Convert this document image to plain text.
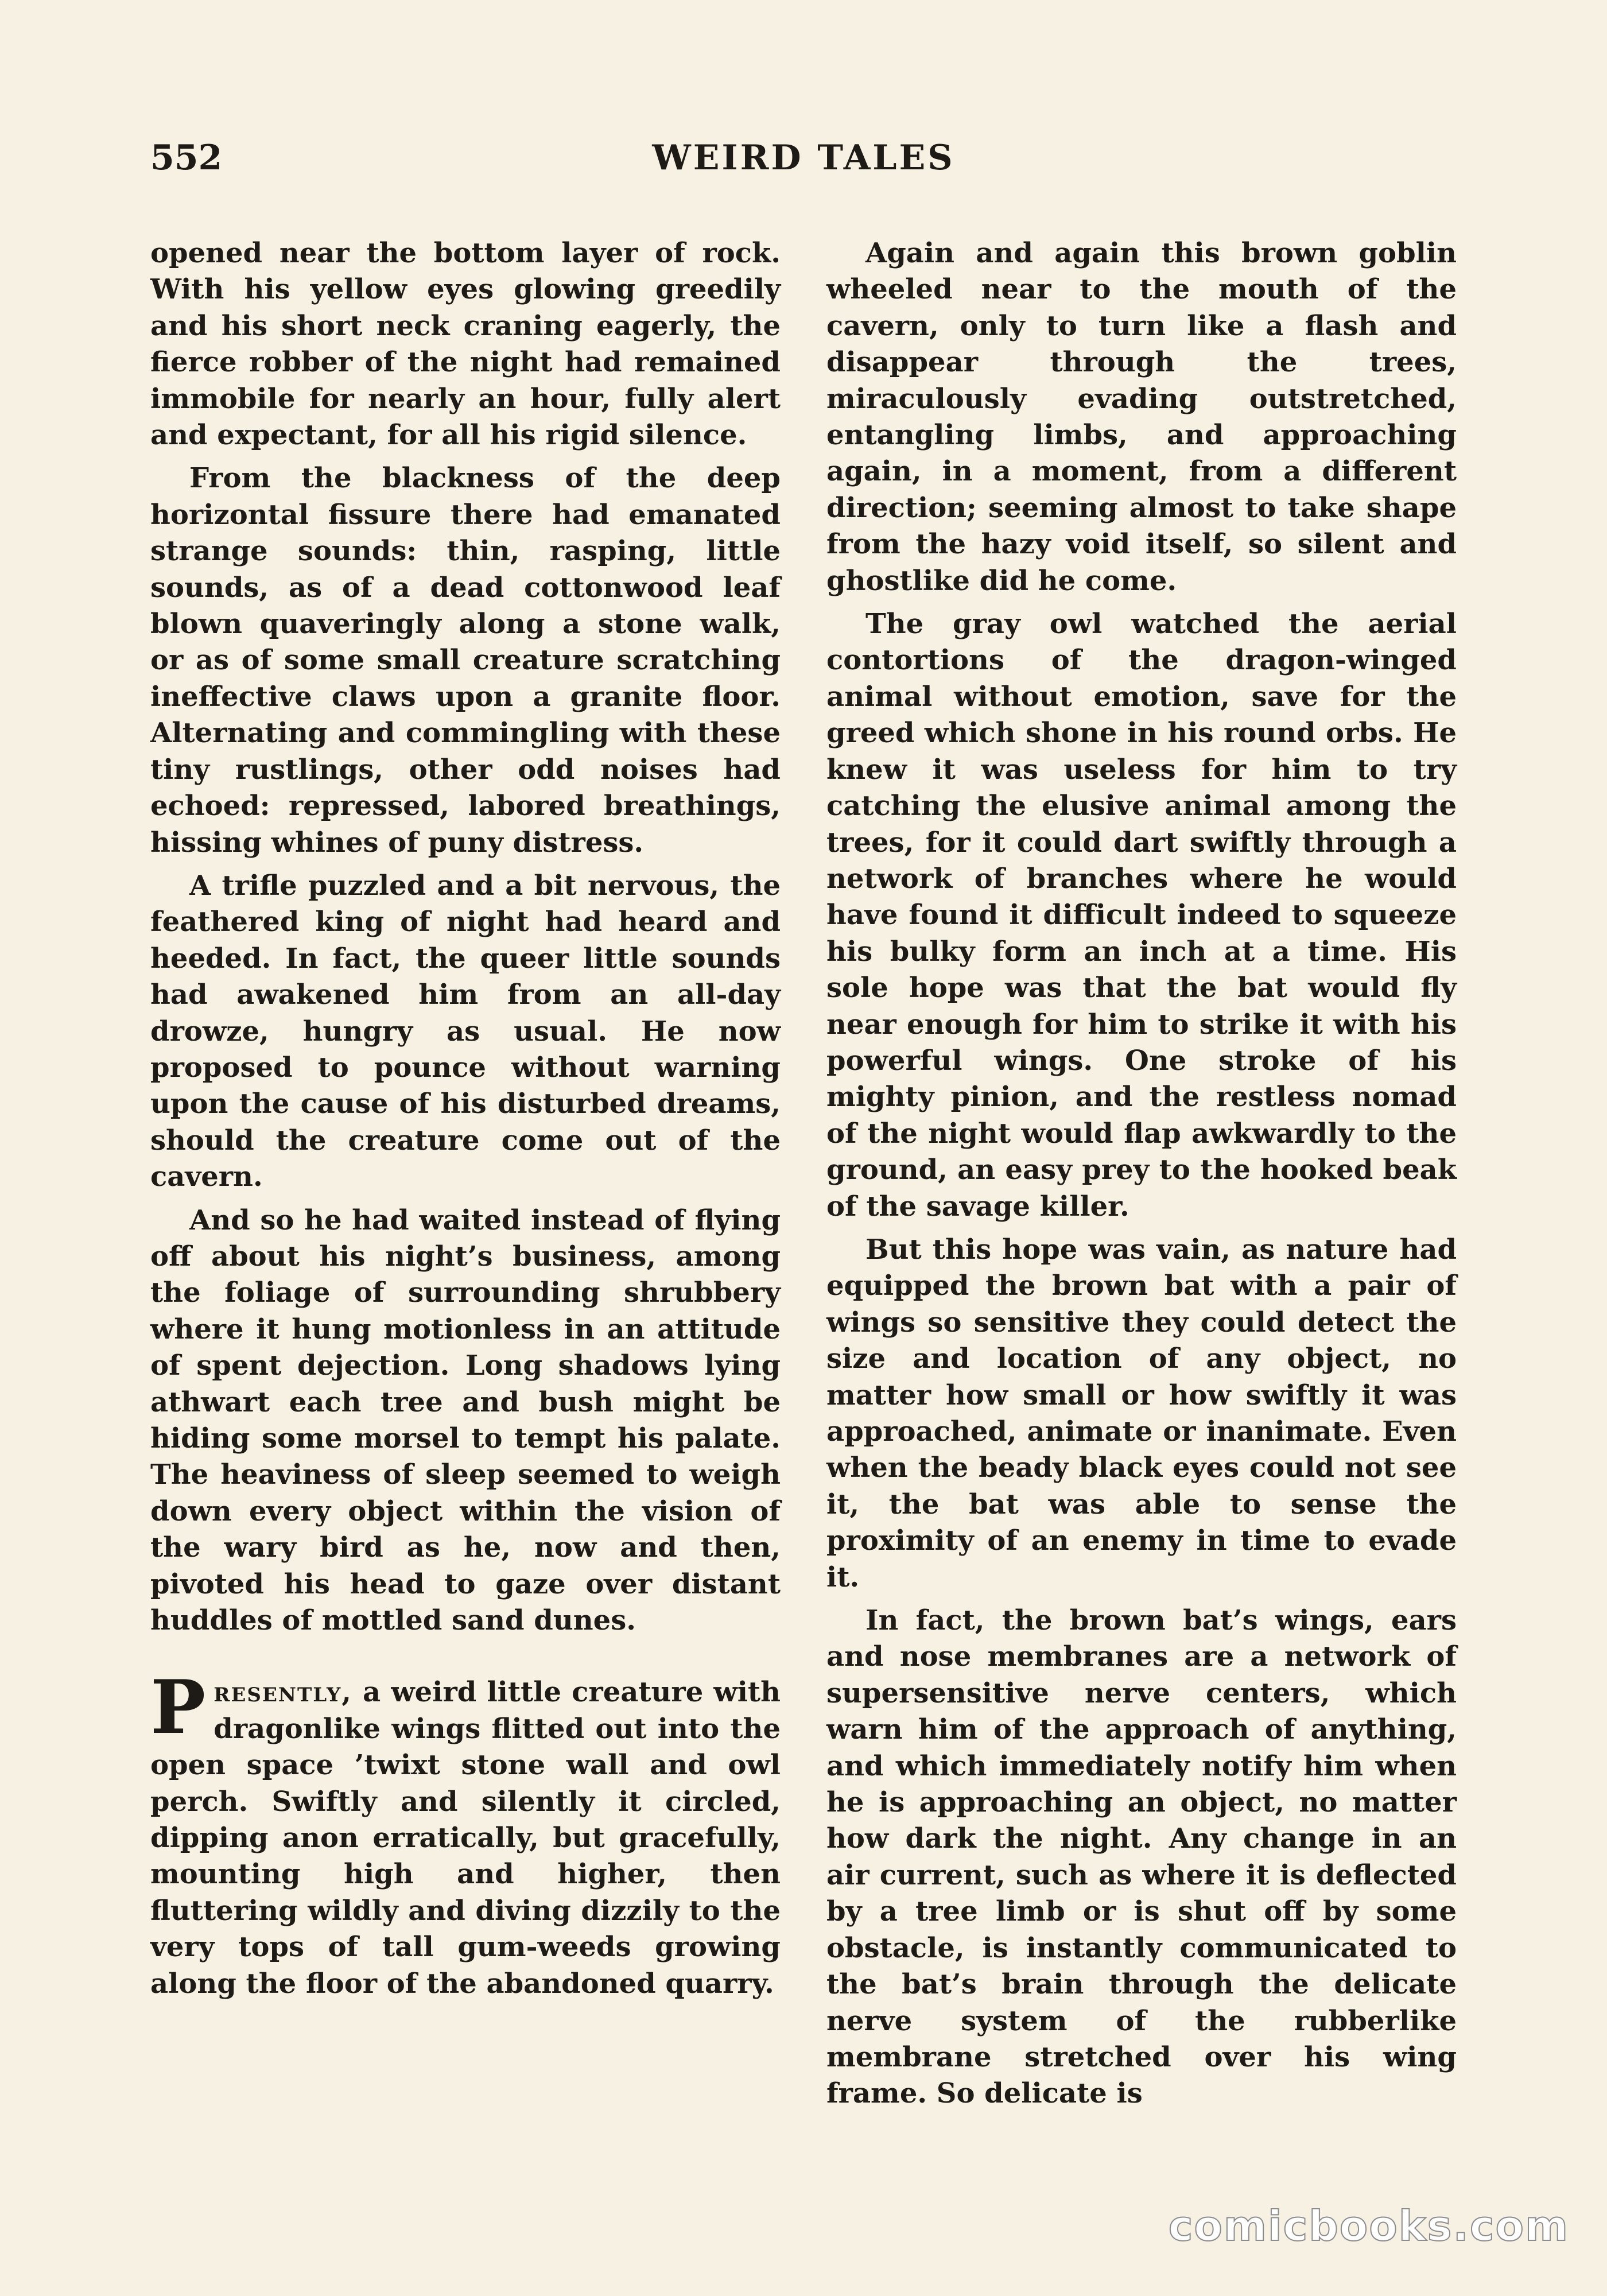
552	WEIRD TALES

opened near the bottom layer of rock. With his yellow eyes glowing greedily and his short neck craning eagerly, the fierce robber of the night had remained immobile for nearly an hour, fully alert and expectant, for all his rigid silence.

From the blackness of the deep horizontal fissure there had emanated strange sounds: thin, rasping, little sounds, as of a dead cottonwood leaf blown quaveringly along a stone walk, or as of some small creature scratching ineffective claws upon a granite floor. Alternating and commingling with these tiny rustlings, other odd noises had echoed: repressed, labored breathings, hissing whines of puny distress.

A trifle puzzled and a bit nervous, the feathered king of night had heard and heeded. In fact, the queer little sounds had awakened him from an all-day drowze, hungry as usual. He now proposed to pounce without warning upon the cause of his disturbed dreams, should the creature come out of the cavern.

And so he had waited instead of flying off about his night’s business, among the foliage of surrounding shrubbery where it hung motionless in an attitude of spent dejection. Long shadows lying athwart each tree and bush might be hiding some morsel to tempt his palate. The heaviness of sleep seemed to weigh down every object within the vision of the wary bird as he, now and then, pivoted his head to gaze over distant huddles of mottled sand dunes.

Presently, a weird little creature with dragonlike wings flitted out into the open space ’twixt stone wall and owl perch. Swiftly and silently it circled, dipping anon erratically, but gracefully, mounting high and higher, then fluttering wildly and diving dizzily to the very tops of tall gum-weeds growing along the floor of the abandoned quarry.

Again and again this brown goblin wheeled near to the mouth of the cavern, only to turn like a flash and disappear through the trees, miraculously evading outstretched, entangling limbs, and approaching again, in a moment, from a different direction; seeming almost to take shape from the hazy void itself, so silent and ghostlike did he come.

The gray owl watched the aerial contortions of the dragon-winged animal without emotion, save for the greed which shone in his round orbs. He knew it was useless for him to try catching the elusive animal among the trees, for it could dart swiftly through a network of branches where he would have found it difficult indeed to squeeze his bulky form an inch at a time. His sole hope was that the bat would fly near enough for him to strike it with his powerful wings. One stroke of his mighty pinion, and the restless nomad of the night would flap awkwardly to the ground, an easy prey to the hooked beak of the savage killer.

But this hope was vain, as nature had equipped the brown bat with a pair of wings so sensitive they could detect the size and location of any object, no matter how small or how swiftly it was approached, animate or inanimate. Even when the beady black eyes could not see it, the bat was able to sense the proximity of an enemy in time to evade it.

In fact, the brown bat’s wings, ears and nose membranes are a network of supersensitive nerve centers, which warn him of the approach of anything, and which immediately notify him when he is approaching an object, no matter how dark the night. Any change in an air current, such as where it is deflected by a tree limb or is shut off by some obstacle, is instantly communicated to the bat’s brain through the delicate nerve system of the rubberlike membrane stretched over his wing frame. So delicate is

comicbooks.com
